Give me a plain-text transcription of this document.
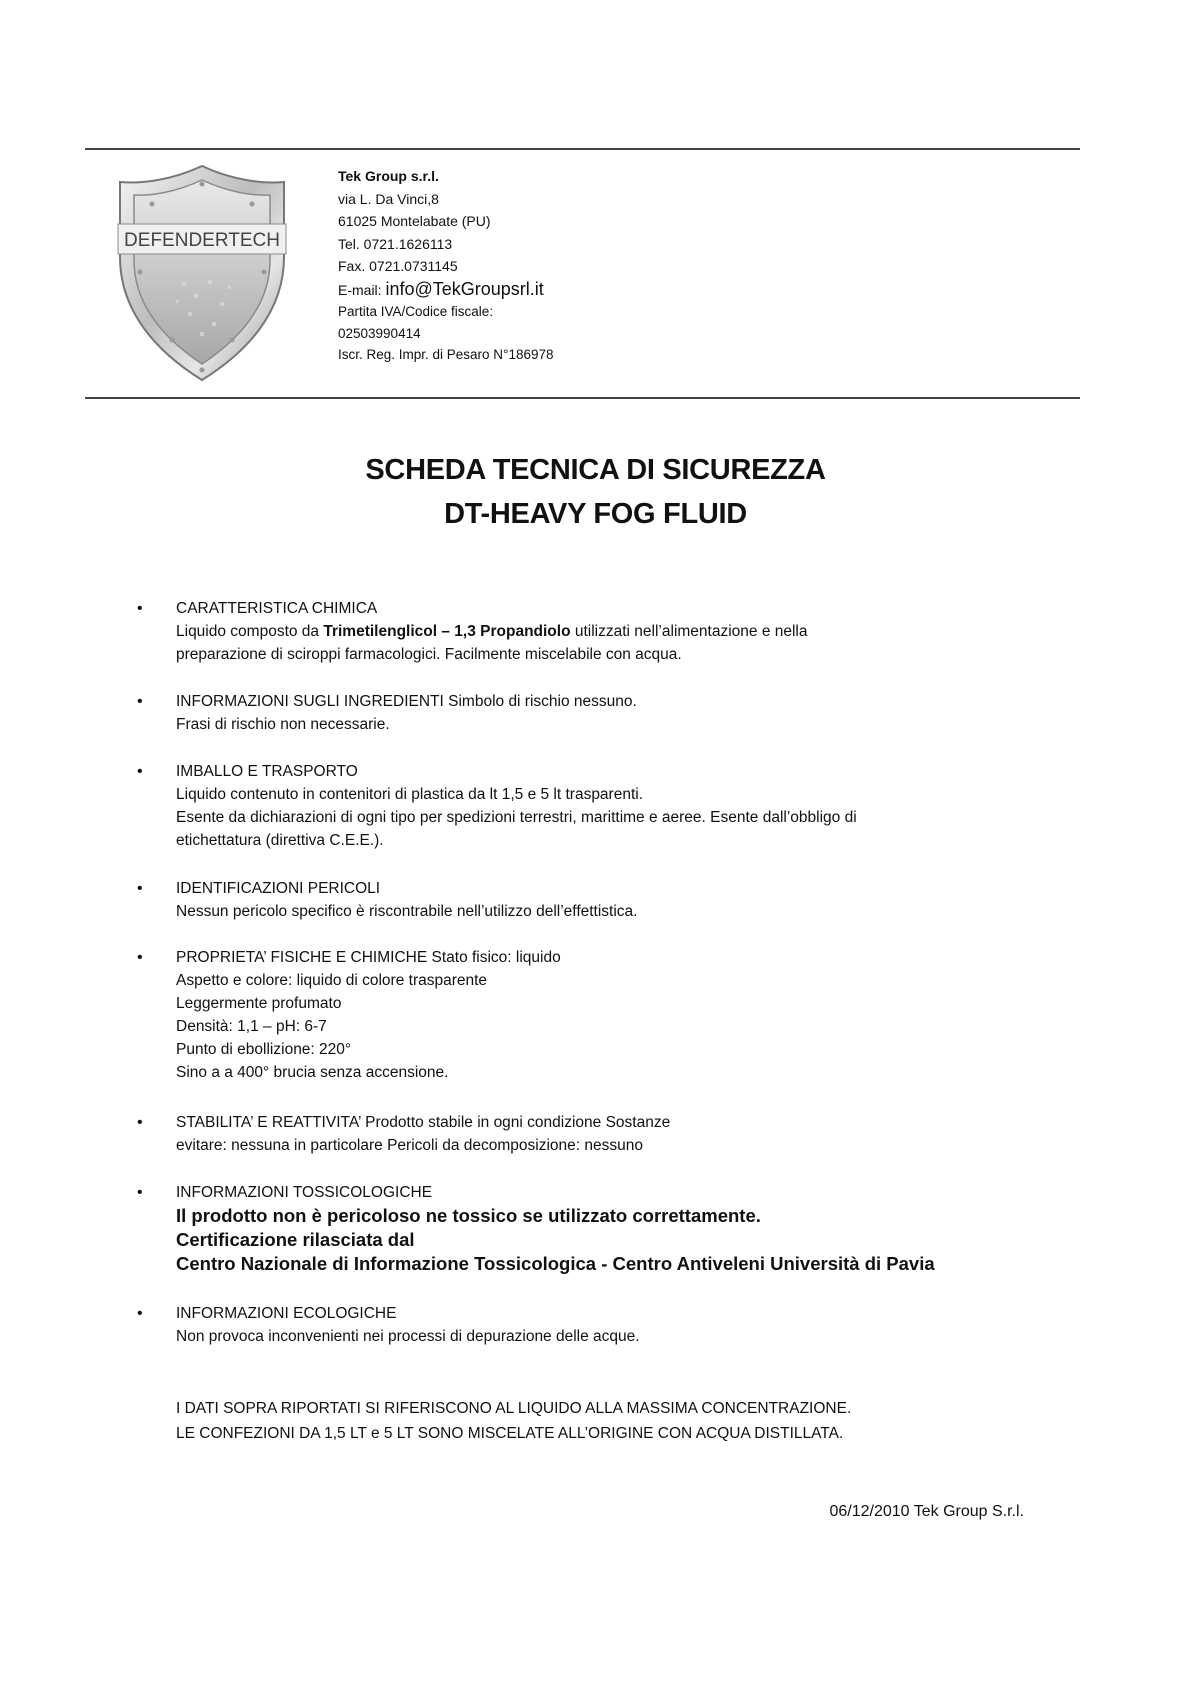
DEFENDERTECH
Tek Group s.r.l.
via L. Da Vinci,8
61025 Montelabate (PU)
Tel. 0721.1626113
Fax. 0721.0731145
E-mail: info@TekGroupsrl.it
Partita IVA/Codice fiscale:
02503990414
Iscr. Reg. Impr. di Pesaro N°186978
SCHEDA TECNICA DI SICUREZZA
DT-HEAVY FOG FLUID
• CARATTERISTICA CHIMICA
Liquido composto da Trimetilenglicol – 1,3 Propandiolo utilizzati nell’alimentazione e nella
preparazione di sciroppi farmacologici. Facilmente miscelabile con acqua.
• INFORMAZIONI SUGLI INGREDIENTI Simbolo di rischio nessuno.
Frasi di rischio non necessarie.
• IMBALLO E TRASPORTO
Liquido contenuto in contenitori di plastica da lt 1,5 e 5 lt trasparenti.
Esente da dichiarazioni di ogni tipo per spedizioni terrestri, marittime e aeree. Esente dall’obbligo di
etichettatura (direttiva C.E.E.).
• IDENTIFICAZIONI PERICOLI
Nessun pericolo specifico è riscontrabile nell’utilizzo dell’effettistica.
• PROPRIETA’ FISICHE E CHIMICHE Stato fisico: liquido
Aspetto e colore: liquido di colore trasparente
Leggermente profumato
Densità: 1,1 – pH: 6-7
Punto di ebollizione: 220°
Sino a a 400° brucia senza accensione.
• STABILITA’ E REATTIVITA’ Prodotto stabile in ogni condizione Sostanze
evitare: nessuna in particolare Pericoli da decomposizione: nessuno
• INFORMAZIONI TOSSICOLOGICHE
Il prodotto non è pericoloso ne tossico se utilizzato correttamente.
Certificazione rilasciata dal
Centro Nazionale di Informazione Tossicologica - Centro Antiveleni Università di Pavia
• INFORMAZIONI ECOLOGICHE
Non provoca inconvenienti nei processi di depurazione delle acque.
I DATI SOPRA RIPORTATI SI RIFERISCONO AL LIQUIDO ALLA MASSIMA CONCENTRAZIONE.
LE CONFEZIONI DA 1,5 LT e 5 LT SONO MISCELATE ALL’ORIGINE CON ACQUA DISTILLATA.
06/12/2010 Tek Group S.r.l.
